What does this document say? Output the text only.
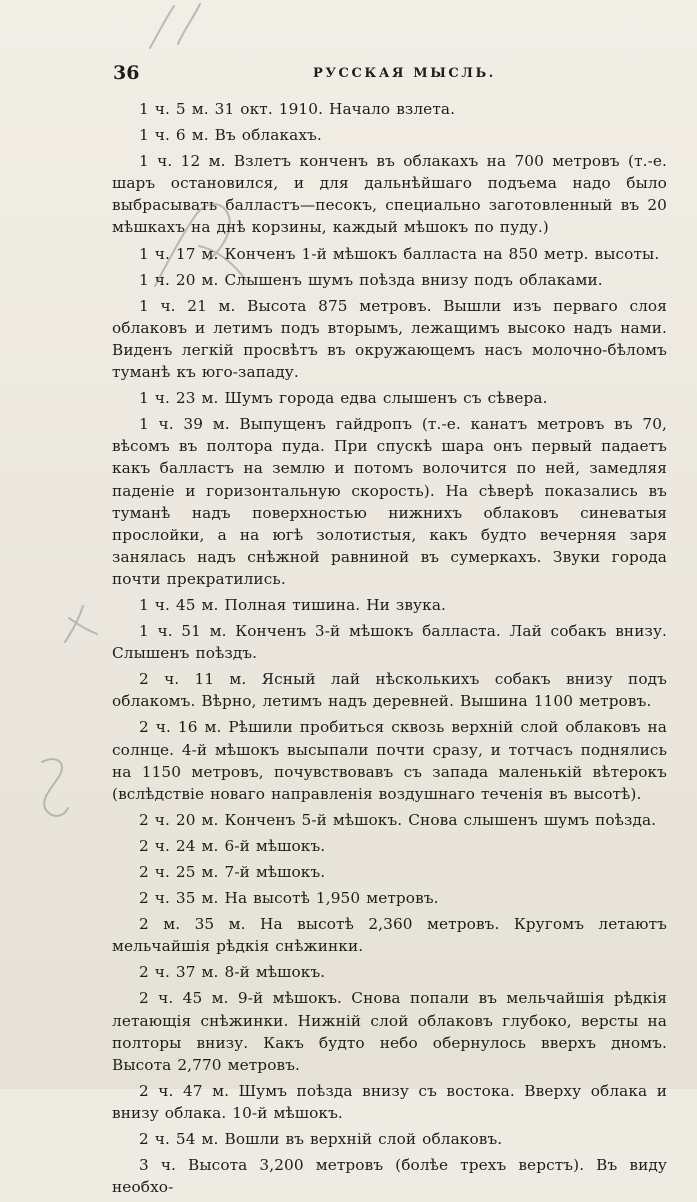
36	РУССКАЯ МЫСЛЬ.

1 ч. 5 м. 31 окт. 1910. Начало взлета.

1 ч. 6 м. Въ облакахъ.

1 ч. 12 м. Взлетъ конченъ въ облакахъ на 700 метровъ (т.-е. шаръ остановился, и для дальнѣйшаго подъема надо было выбрасывать балластъ—песокъ, специально заготовленный въ 20 мѣшкахъ на днѣ корзины, каждый мѣшокъ по пуду.)

1 ч. 17 м. Конченъ 1-й мѣшокъ балласта на 850 метр. высоты.

1 ч. 20 м. Слышенъ шумъ поѣзда внизу подъ облаками.

1 ч. 21 м. Высота 875 метровъ. Вышли изъ перваго слоя облаковъ и летимъ подъ вторымъ, лежащимъ высоко надъ нами. Виденъ легкій просвѣтъ въ окружающемъ насъ молочно-бѣломъ туманѣ къ юго-западу.

1 ч. 23 м. Шумъ города едва слышенъ съ сѣвера.

1 ч. 39 м. Выпущенъ гайдропъ (т.-е. канатъ метровъ въ 70, вѣсомъ въ полтора пуда. При спускѣ шара онъ первый падаетъ какъ балластъ на землю и потомъ волочится по ней, замедляя паденіе и горизонтальную скорость). На сѣверѣ показались въ туманѣ надъ поверхностью нижнихъ облаковъ синеватыя прослойки, а на югѣ золотистыя, какъ будто вечерняя заря занялась надъ снѣжной равниной въ сумеркахъ. Звуки города почти прекратились.

1 ч. 45 м. Полная тишина. Ни звука.

1 ч. 51 м. Конченъ 3-й мѣшокъ балласта. Лай собакъ внизу. Слышенъ поѣздъ.

2 ч. 11 м. Ясный лай нѣсколькихъ собакъ внизу подъ облакомъ. Вѣрно, летимъ надъ деревней. Вышина 1100 метровъ.

2 ч. 16 м. Рѣшили пробиться сквозь верхній слой облаковъ на солнце. 4-й мѣшокъ высыпали почти сразу, и тотчасъ поднялись на 1150 метровъ, почувствовавъ съ запада маленькій вѣтерокъ (вслѣдствіе новаго направленія воздушнаго теченія въ высотѣ).

2 ч. 20 м. Конченъ 5-й мѣшокъ. Снова слышенъ шумъ поѣзда.

2 ч. 24 м. 6-й мѣшокъ.

2 ч. 25 м. 7-й мѣшокъ.

2 ч. 35 м. На высотѣ 1,950 метровъ.

2 м. 35 м. На высотѣ 2,360 метровъ. Кругомъ летаютъ мельчайшія рѣдкія снѣжинки.

2 ч. 37 м. 8-й мѣшокъ.

2 ч. 45 м. 9-й мѣшокъ. Снова попали въ мельчайшія рѣдкія летающія снѣжинки. Нижній слой облаковъ глубоко, версты на полторы внизу. Какъ будто небо обернулось вверхъ дномъ. Высота 2,770 метровъ.

2 ч. 47 м. Шумъ поѣзда внизу съ востока. Вверху облака и внизу облака. 10-й мѣшокъ.

2 ч. 54 м. Вошли въ верхній слой облаковъ.

3 ч. Высота 3,200 метровъ (болѣе трехъ верстъ). Въ виду необхо-
